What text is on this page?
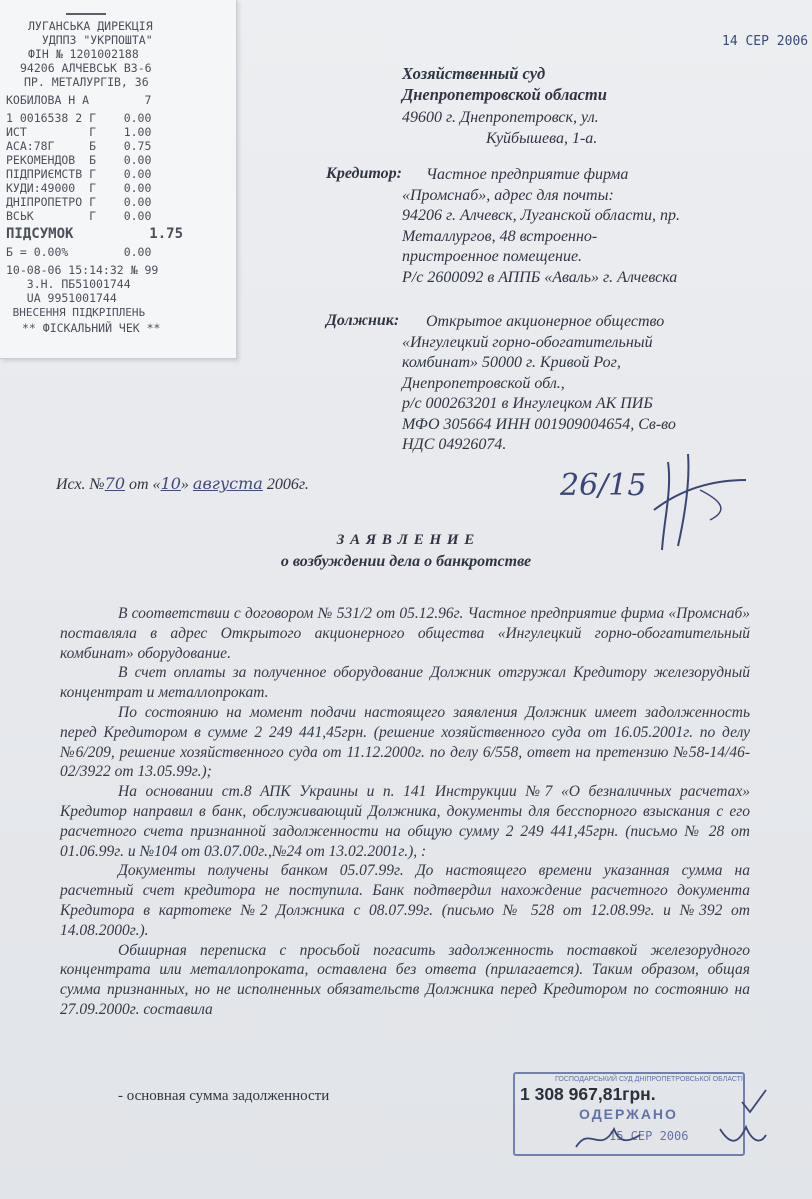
ЛУГАНСЬКА ДИРЕКЦІЯ
УДППЗ "УКРПОШТА"
ФІН № 1201002188
94206 АЛЧЕВСЬК ВЗ-6
ПР. МЕТАЛУРГІВ, 36
КОБИЛОВА Н А        7
1 0016538 2 Г    0.00
ИСТ         Г    1.00
АСА:78Г     Б    0.75
РЕКОМЕНДОВ  Б    0.00
ПІДПРИЄМСТВ Г    0.00
КУДИ:49000  Г    0.00
ДНІПРОПЕТРО Г    0.00
ВСЬК        Г    0.00
ПІДСУМОК         1.75
Б = 0.00%        0.00
10-08-06 15:14:32 № 99
3.Н. ПБ51001744
UA 9951001744
ВНЕСЕННЯ ПІДКРІПЛЕНЬ
** ФІСКАЛЬНИЙ ЧЕК **
14 СЕР 2006
Хозяйственный суд
Днепропетровской области
49600 г. Днепропетровск, ул.
Куйбышева, 1-а.
Кредитор: Частное предприятие фирма
«Промснаб», адрес для почты:
94206 г. Алчевск, Луганской области, пр.
Металлургов, 48 встроенно-
пристроенное помещение.
Р/с 2600092 в АППБ «Аваль» г. Алчевска
Должник: Открытое акционерное общество
«Ингулецкий горно-обогатительный
комбинат» 50000 г. Кривой Рог,
Днепропетровской обл.,
р/с 000263201 в Ингулецком АК ПИБ
МФО 305664 ИНН 001909004654, Св-во
НДС 04926074.
Исх. №70 от «10» августа 2006г.	26/15
З А Я В Л Е Н И Е
о возбуждении дела о банкротстве

В соответствии с договором № 531/2 от 05.12.96г. Частное предприятие фирма «Промснаб» поставляла в адрес Открытого акционерного общества «Ингулецкий горно-обогатительный комбинат» оборудование.

В счет оплаты за полученное оборудование Должник отгружал Кредитору железорудный концентрат и металлопрокат.

По состоянию на момент подачи настоящего заявления Должник имеет задолженность перед Кредитором в сумме 2 249 441,45грн. (решение хозяйственного суда от 16.05.2001г. по делу №6/209, решение хозяйственного суда от 11.12.2000г. по делу 6/558, ответ на претензию №58-14/46-02/3922 от 13.05.99г.);

На основании ст.8 АПК Украины и п. 141 Инструкции №7 «О безналичных расчетах» Кредитор направил в банк, обслуживающий Должника, документы для бесспорного взыскания с его расчетного счета признанной задолженности на общую сумму 2 249 441,45грн. (письмо № 28 от 01.06.99г. и №104 от 03.07.00г.,№24 от 13.02.2001г.), :

Документы получены банком 05.07.99г. До настоящего времени указанная сумма на расчетный счет кредитора не поступила. Банк подтвердил нахождение расчетного документа Кредитора в картотеке №2 Должника с 08.07.99г. (письмо № 528 от 12.08.99г. и №392 от 14.08.2000г.).

Обширная переписка с просьбой погасить задолженность поставкой железорудного концентрата или металлопроката, оставлена без ответа (прилагается). Таким образом, общая сумма признанных, но не исполненных обязательств Должника перед Кредитором по состоянию на 27.09.2000г. составила

ГОСПОДАРСЬКИЙ СУД ДНІПРОПЕТРОВСЬКОЇ ОБЛАСТІ
ОДЕРЖАНО
15 СЕР 2006
- основная сумма задолженности	1 308 967,81грн.
